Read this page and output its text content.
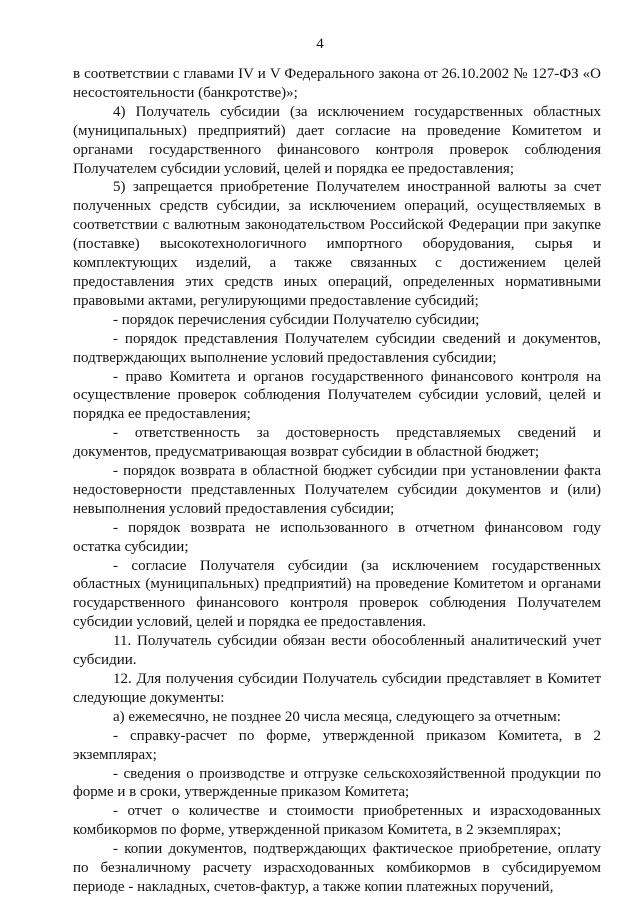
4

в соответствии с главами IV и V Федерального закона от 26.10.2002 № 127-ФЗ «О несостоятельности (банкротстве)»;

4) Получатель субсидии (за исключением государственных областных (муниципальных) предприятий) дает согласие на проведение Комитетом и органами государственного финансового контроля проверок соблюдения Получателем субсидии условий, целей и порядка ее предоставления;

5) запрещается приобретение Получателем иностранной валюты за счет полученных средств субсидии, за исключением операций, осуществляемых в соответствии с валютным законодательством Российской Федерации при закупке (поставке) высокотехнологичного импортного оборудования, сырья и комплектующих изделий, а также связанных с достижением целей предоставления этих средств иных операций, определенных нормативными правовыми актами, регулирующими предоставление субсидий;

- порядок перечисления субсидии Получателю субсидии;

- порядок представления Получателем субсидии сведений и документов, подтверждающих выполнение условий предоставления субсидии;

- право Комитета и органов государственного финансового контроля на осуществление проверок соблюдения Получателем субсидии условий, целей и порядка ее предоставления;

- ответственность за достоверность представляемых сведений и документов, предусматривающая возврат субсидии в областной бюджет;

- порядок возврата в областной бюджет субсидии при установлении факта недостоверности представленных Получателем субсидии документов и (или) невыполнения условий предоставления субсидии;

- порядок возврата не использованного в отчетном финансовом году остатка субсидии;

- согласие Получателя субсидии (за исключением государственных областных (муниципальных) предприятий) на проведение Комитетом и органами государственного финансового контроля проверок соблюдения Получателем субсидии условий, целей и порядка ее предоставления.

11. Получатель субсидии обязан вести обособленный аналитический учет субсидии.

12. Для получения субсидии Получатель субсидии представляет в Комитет следующие документы:

а) ежемесячно, не позднее 20 числа месяца, следующего за отчетным:

- справку-расчет по форме, утвержденной приказом Комитета, в 2 экземплярах;

- сведения о производстве и отгрузке сельскохозяйственной продукции по форме и в сроки, утвержденные приказом Комитета;

- отчет о количестве и стоимости приобретенных и израсходованных комбикормов по форме, утвержденной приказом Комитета, в 2 экземплярах;

- копии документов, подтверждающих фактическое приобретение, оплату по безналичному расчету израсходованных комбикормов в субсидируемом периоде - накладных, счетов-фактур, а также копии платежных поручений,
